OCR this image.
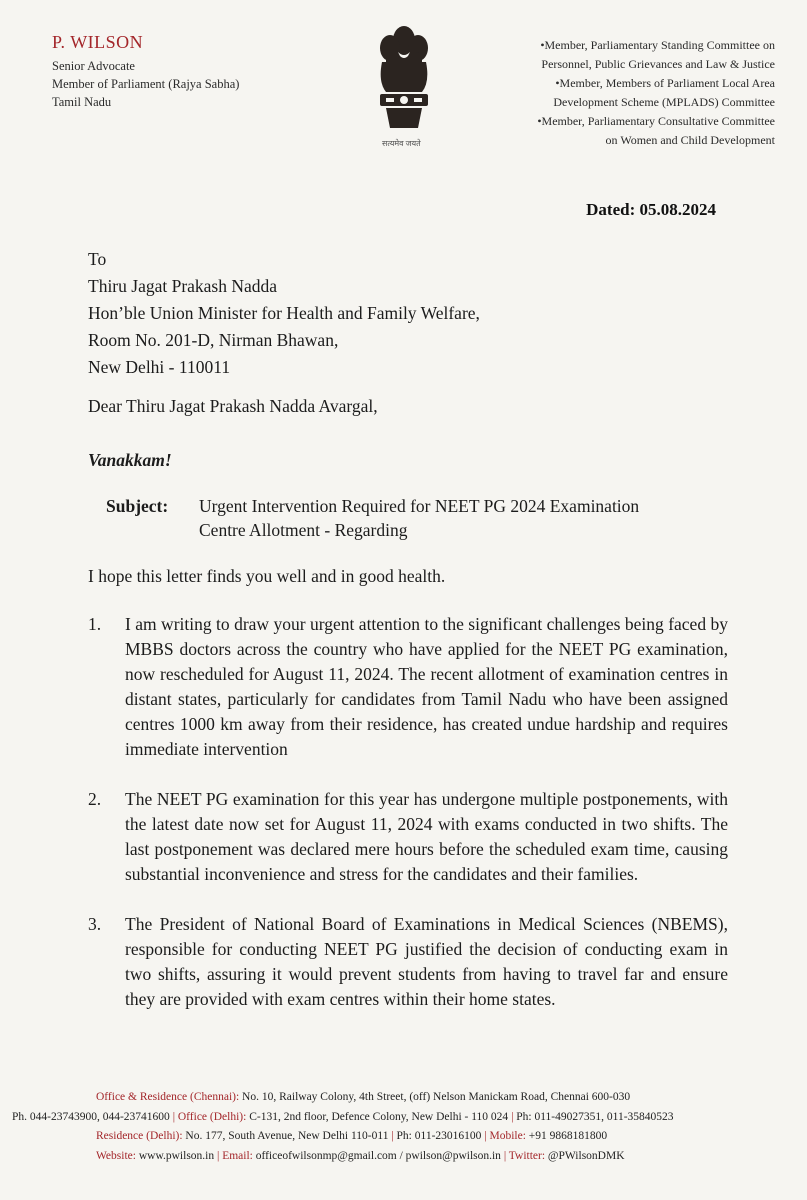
P. WILSON
Senior Advocate
Member of Parliament (Rajya Sabha)
Tamil Nadu
सत्यमेव जयते
•Member, Parliamentary Standing Committee on
Personnel, Public Grievances and Law & Justice
•Member, Members of Parliament Local Area
Development Scheme (MPLADS) Committee
•Member, Parliamentary Consultative Committee
on Women and Child Development
Dated: 05.08.2024
To
Thiru Jagat Prakash Nadda
Hon’ble Union Minister for Health and Family Welfare,
Room No. 201-D, Nirman Bhawan,
New Delhi - 110011
Dear Thiru Jagat Prakash Nadda Avargal,
Vanakkam!
Subject:	Urgent Intervention Required for NEET PG 2024 Examination
Centre Allotment - Regarding
I hope this letter finds you well and in good health.
1.	I am writing to draw your urgent attention to the significant challenges being faced by MBBS doctors across the country who have applied for the NEET PG examination, now rescheduled for August 11, 2024. The recent allotment of examination centres in distant states, particularly for candidates from Tamil Nadu who have been assigned centres 1000 km away from their residence, has created undue hardship and requires immediate intervention
2.	The NEET PG examination for this year has undergone multiple postponements, with the latest date now set for August 11, 2024 with exams conducted in two shifts. The last postponement was declared mere hours before the scheduled exam time, causing substantial inconvenience and stress for the candidates and their families.
3.	The President of National Board of Examinations in Medical Sciences (NBEMS), responsible for conducting NEET PG justified the decision of conducting exam in two shifts, assuring it would prevent students from having to travel far and ensure they are provided with exam centres within their home states.
Office & Residence (Chennai): No. 10, Railway Colony, 4th Street, (off) Nelson Manickam Road, Chennai 600-030
Ph. 044-23743900, 044-23741600 | Office (Delhi): C-131, 2nd floor, Defence Colony, New Delhi - 110 024 | Ph: 011-49027351, 011-35840523
Residence (Delhi): No. 177, South Avenue, New Delhi 110-011 | Ph: 011-23016100 | Mobile: +91 9868181800
Website: www.pwilson.in | Email: officeofwilsonmp@gmail.com / pwilson@pwilson.in | Twitter: @PWilsonDMK
